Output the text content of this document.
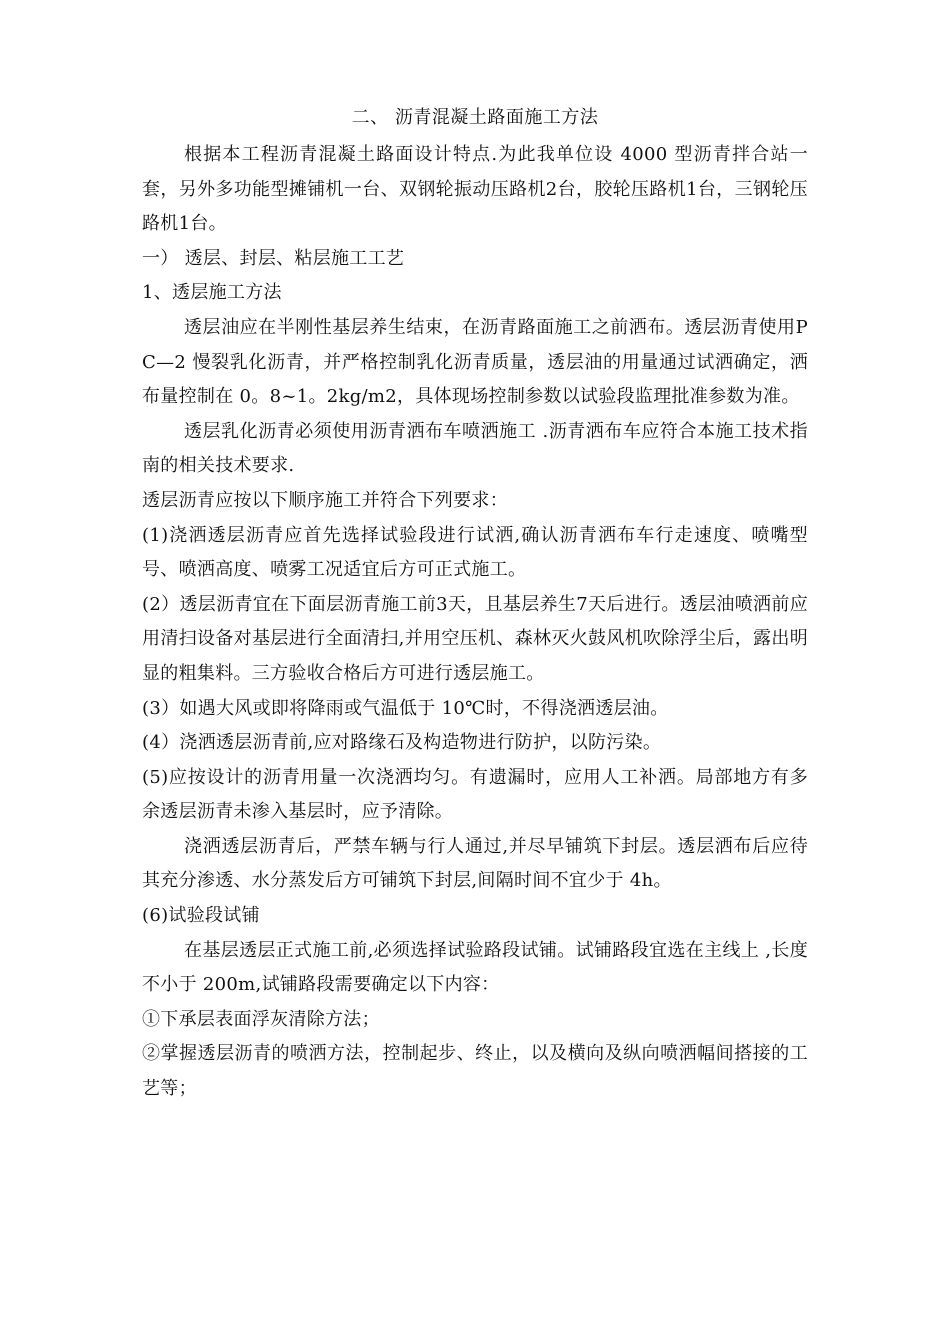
二、 沥青混凝土路面施工方法

根据本工程沥青混凝土路面设计特点.为此我单位设 4000 型沥青拌合站一套，另外多功能型摊铺机一台、双钢轮振动压路机2台，胶轮压路机1台，三钢轮压路机1台。

一） 透层、封层、粘层施工工艺

1、透层施工方法

透层油应在半刚性基层养生结束，在沥青路面施工之前洒布。透层沥青使用PC—2 慢裂乳化沥青，并严格控制乳化沥青质量，透层油的用量通过试洒确定，洒布量控制在 0。8~1。2kg/m2，具体现场控制参数以试验段监理批准参数为准。

透层乳化沥青必须使用沥青洒布车喷洒施工 .沥青洒布车应符合本施工技术指南的相关技术要求.

透层沥青应按以下顺序施工并符合下列要求：

(1)浇洒透层沥青应首先选择试验段进行试洒,确认沥青洒布车行走速度、喷嘴型号、喷洒高度、喷雾工况适宜后方可正式施工。

(2）透层沥青宜在下面层沥青施工前3天，且基层养生7天后进行。透层油喷洒前应用清扫设备对基层进行全面清扫,并用空压机、森林灭火鼓风机吹除浮尘后，露出明显的粗集料。三方验收合格后方可进行透层施工。

(3）如遇大风或即将降雨或气温低于 10℃时，不得浇洒透层油。

(4）浇洒透层沥青前,应对路缘石及构造物进行防护，以防污染。

(5)应按设计的沥青用量一次浇洒均匀。有遗漏时，应用人工补洒。局部地方有多余透层沥青未渗入基层时，应予清除。

浇洒透层沥青后，严禁车辆与行人通过,并尽早铺筑下封层。透层洒布后应待其充分渗透、水分蒸发后方可铺筑下封层,间隔时间不宜少于 4h。

(6)试验段试铺

在基层透层正式施工前,必须选择试验路段试铺。试铺路段宜选在主线上 ,长度不小于 200m,试铺路段需要确定以下内容：

①下承层表面浮灰清除方法；

②掌握透层沥青的喷洒方法，控制起步、终止，以及横向及纵向喷洒幅间搭接的工艺等；
